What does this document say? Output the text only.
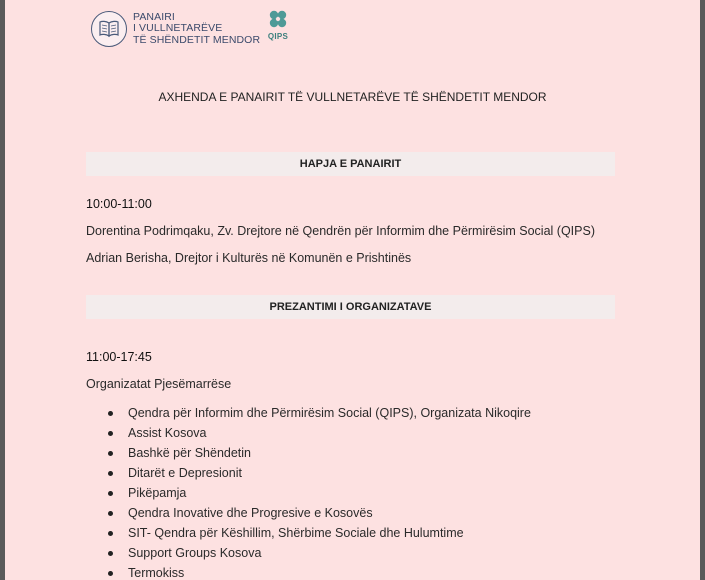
PANAIRI
I VULLNETARËVE
TË SHËNDETIT MENDOR QIPS
AXHENDA E PANAIRIT TË VULLNETARËVE TË SHËNDETIT MENDOR
HAPJA E PANAIRIT
10:00-11:00
Dorentina Podrimqaku, Zv. Drejtore në Qendrën për Informim dhe Përmirësim Social (QIPS)
Adrian Berisha, Drejtor i Kulturës në Komunën e Prishtinës
PREZANTIMI I ORGANIZATAVE
11:00-17:45
Organizatat Pjesëmarrëse
Qendra për Informim dhe Përmirësim Social (QIPS), Organizata Nikoqire
Assist Kosova
Bashkë për Shëndetin
Ditarët e Depresionit
Pikëpamja
Qendra Inovative dhe Progresive e Kosovës
SIT- Qendra për Këshillim, Shërbime Sociale dhe Hulumtime
Support Groups Kosova
Termokiss
